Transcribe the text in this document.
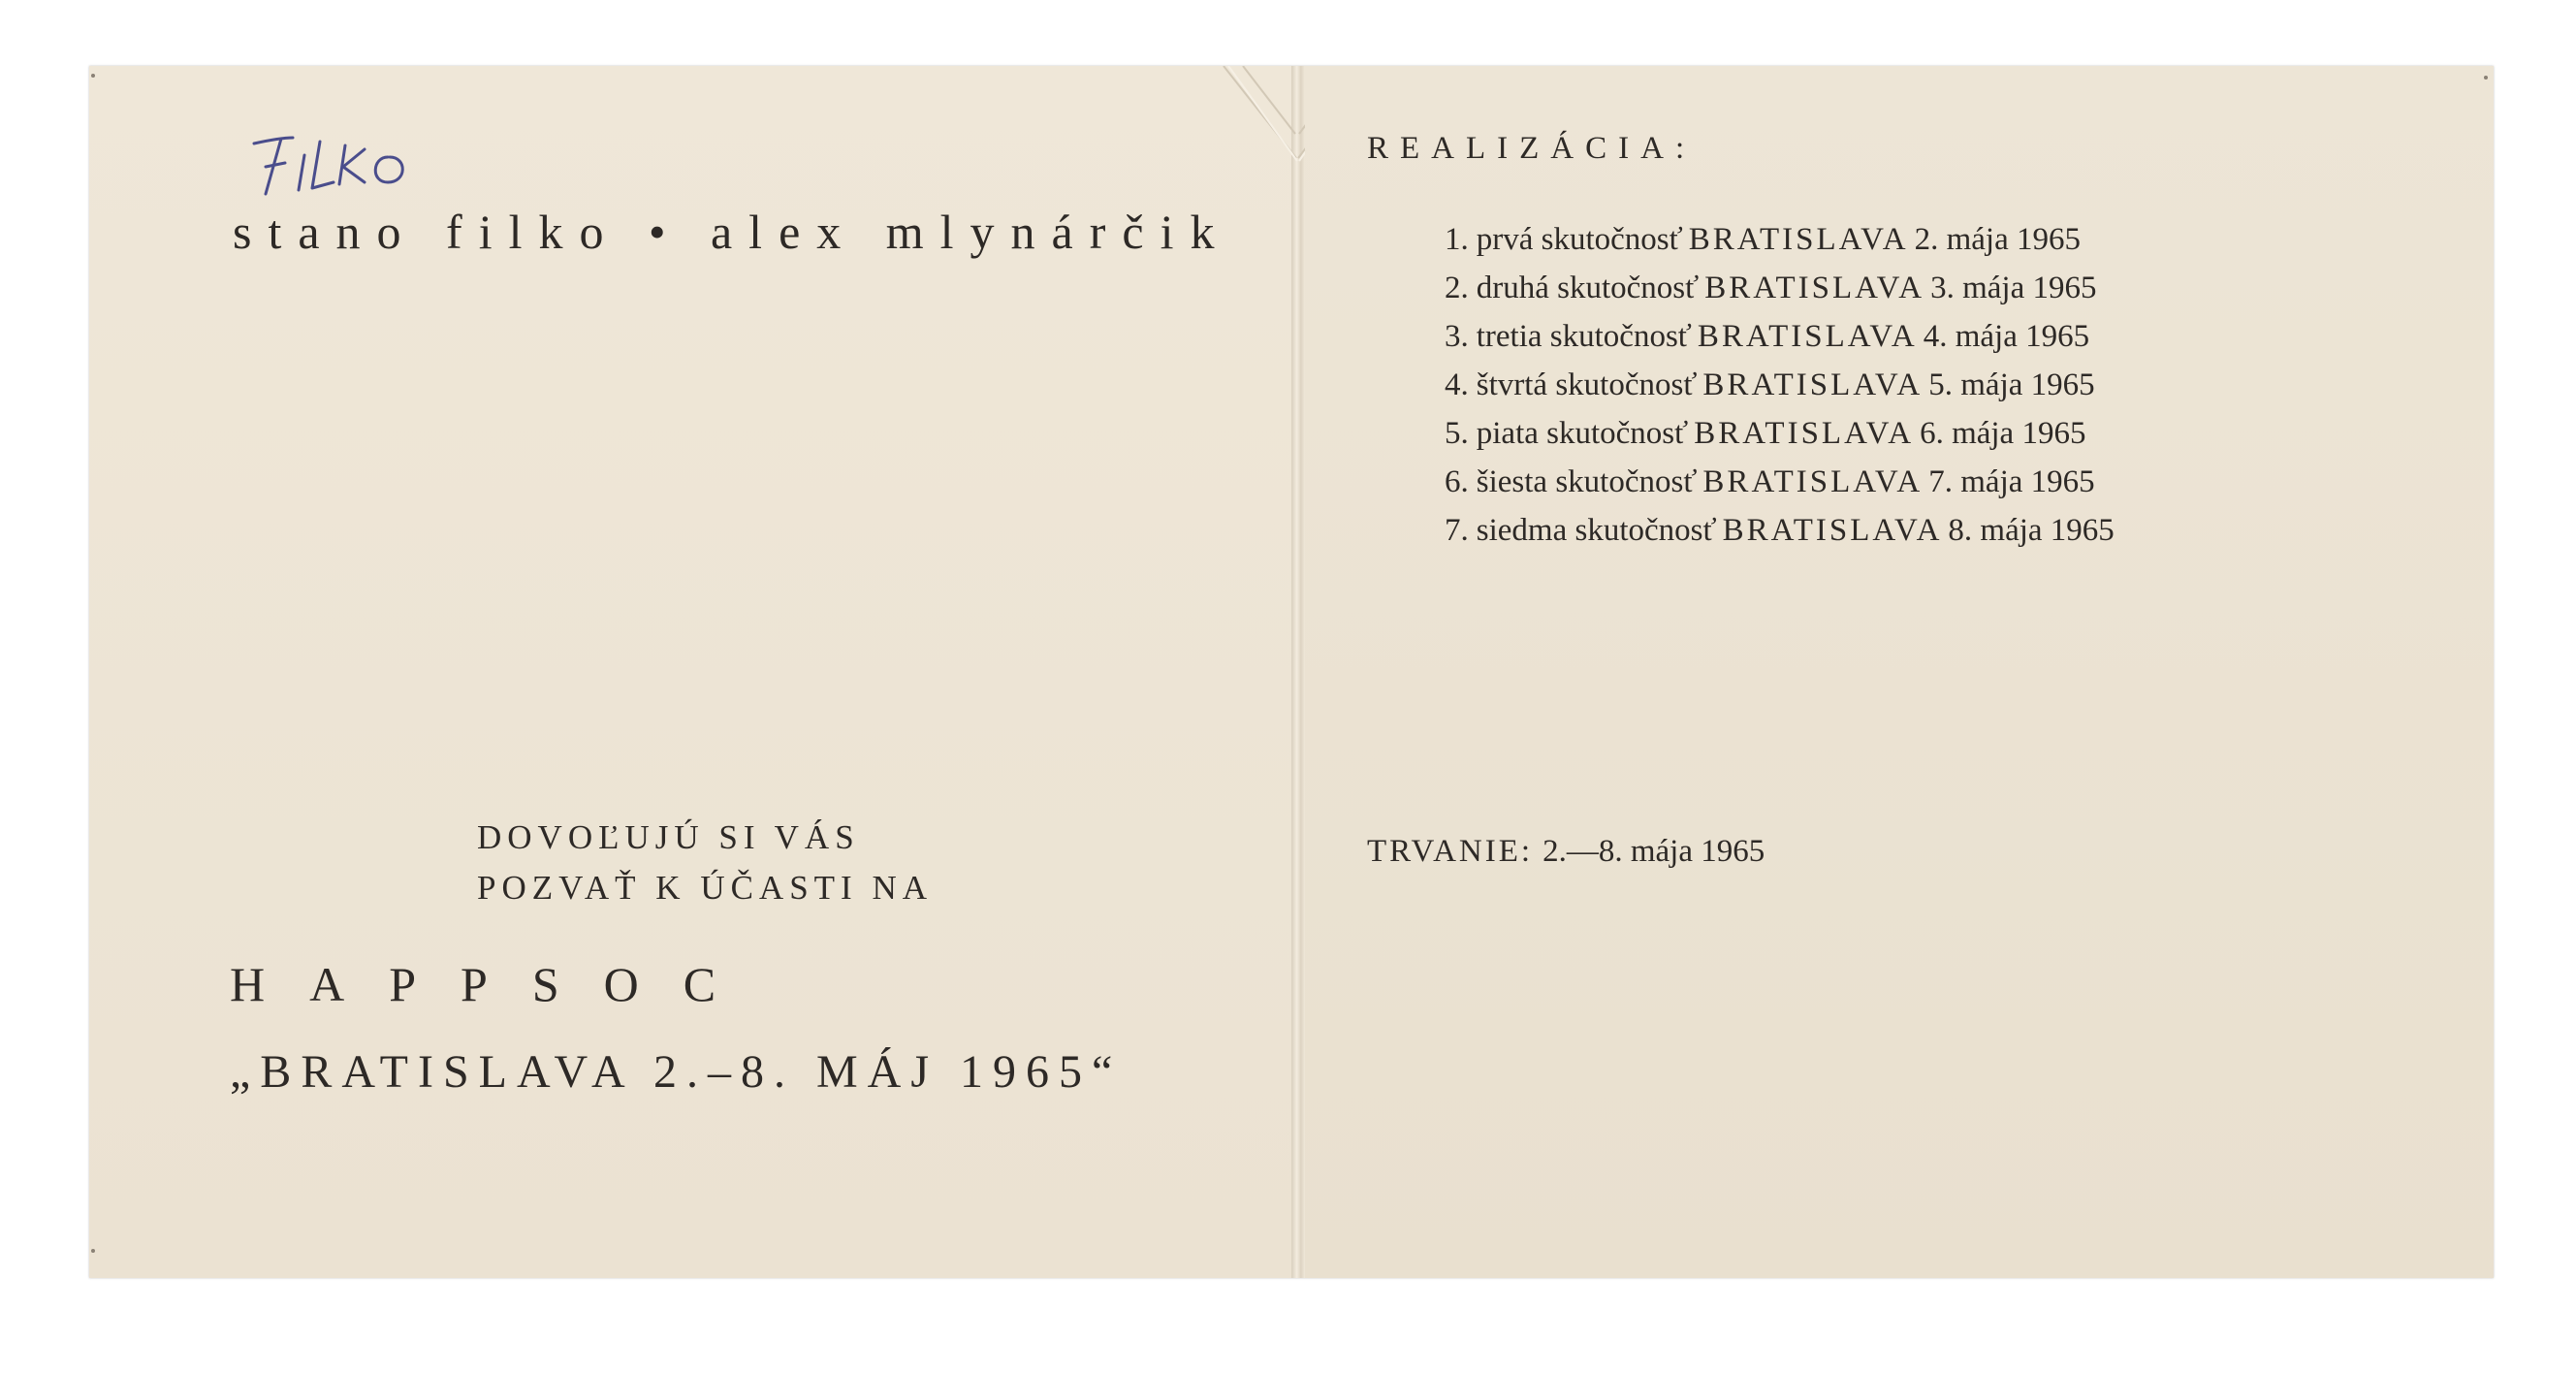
stano filko • alex mlynárčik
DOVOĽUJÚ SI VÁS
POZVAŤ K ÚČASTI NA
HAPPSOC
„BRATISLAVA 2.–8. MÁJ 1965“
REALIZÁCIA:
1. prvá skutočnosť BRATISLAVA 2. mája 1965
2. druhá skutočnosť BRATISLAVA 3. mája 1965
3. tretia skutočnosť BRATISLAVA 4. mája 1965
4. štvrtá skutočnosť BRATISLAVA 5. mája 1965
5. piata skutočnosť BRATISLAVA 6. mája 1965
6. šiesta skutočnosť BRATISLAVA 7. mája 1965
7. siedma skutočnosť BRATISLAVA 8. mája 1965
TRVANIE: 2.—8. mája 1965
